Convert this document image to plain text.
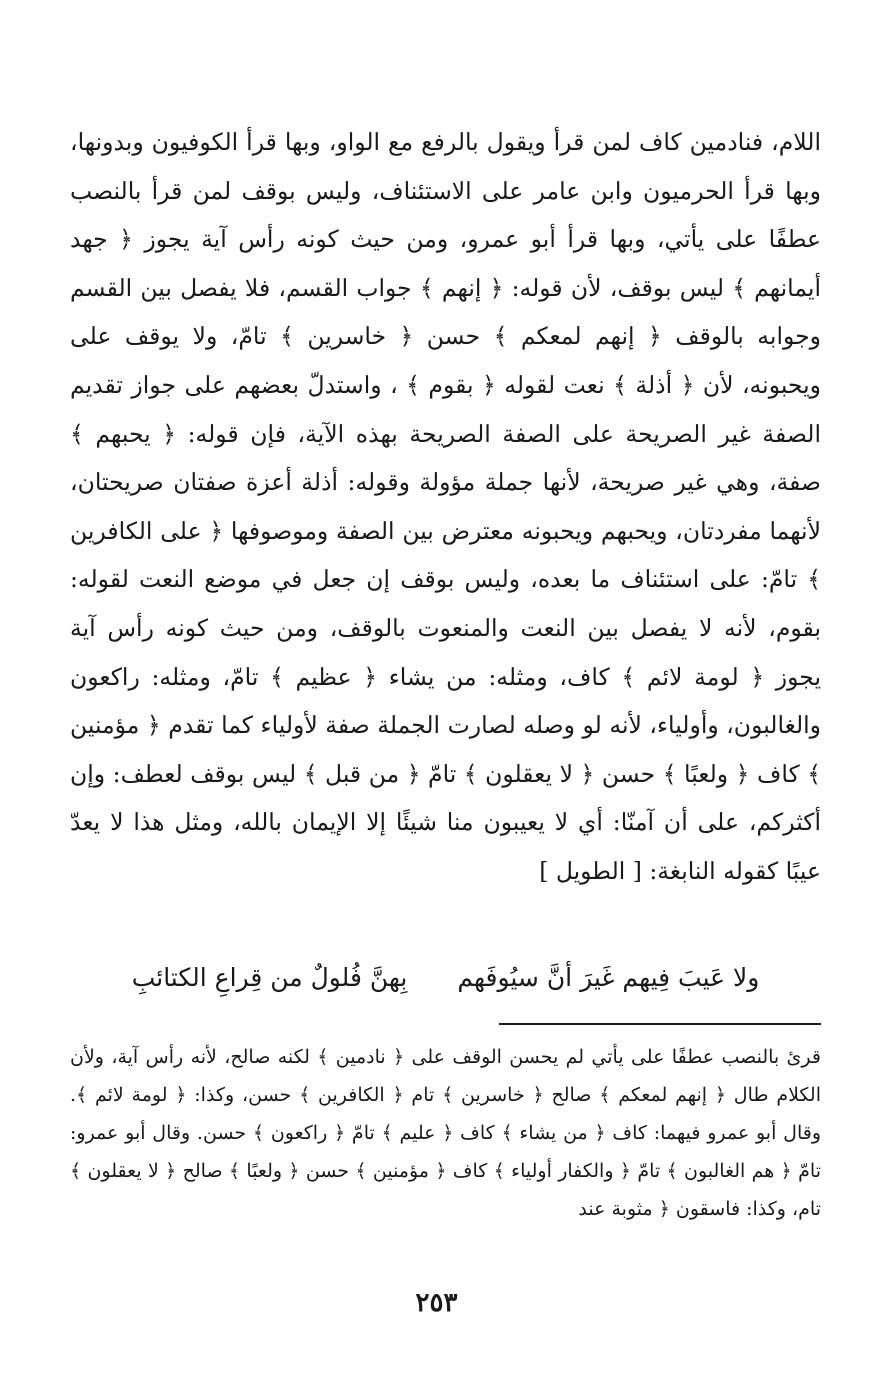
اللام، فنادمين كاف لمن قرأ ويقول بالرفع مع الواو، وبها قرأ الكوفيون وبدونها، وبها قرأ الحرميون وابن عامر على الاستئناف، وليس بوقف لمن قرأ بالنصب عطفًا على يأتي، وبها قرأ أبو عمرو، ومن حيث كونه رأس آية يجوز ﴿ جهد أيمانهم ﴾ ليس بوقف، لأن قوله: ﴿ إنهم ﴾ جواب القسم، فلا يفصل بين القسم وجوابه بالوقف ﴿ إنهم لمعكم ﴾ حسن ﴿ خاسرين ﴾ تامّ، ولا يوقف على ويحبونه، لأن ﴿ أذلة ﴾ نعت لقوله ﴿ بقوم ﴾ ، واستدلّ بعضهم على جواز تقديم الصفة غير الصريحة على الصفة الصريحة بهذه الآية، فإن قوله: ﴿ يحبهم ﴾ صفة، وهي غير صريحة، لأنها جملة مؤولة وقوله: أذلة أعزة صفتان صريحتان، لأنهما مفردتان، ويحبهم ويحبونه معترض بين الصفة وموصوفها ﴿ على الكافرين ﴾ تامّ: على استئناف ما بعده، وليس بوقف إن جعل في موضع النعت لقوله: بقوم، لأنه لا يفصل بين النعت والمنعوت بالوقف، ومن حيث كونه رأس آية يجوز ﴿ لومة لائم ﴾ كاف، ومثله: من يشاء ﴿ عظيم ﴾ تامّ، ومثله: راكعون والغالبون، وأولياء، لأنه لو وصله لصارت الجملة صفة لأولياء كما تقدم ﴿ مؤمنين ﴾ كاف ﴿ ولعبًا ﴾ حسن ﴿ لا يعقلون ﴾ تامّ ﴿ من قبل ﴾ ليس بوقف لعطف: وإن أكثركم، على أن آمنّا: أي لا يعيبون منا شيئًا إلا الإيمان بالله، ومثل هذا لا يعدّ عيبًا كقوله النابغة: [ الطويل ]

ولا عَيبَ فِيهم غَيرَ أنَّ سيُوفَهم
بِهنَّ فُلولٌ من قِراعِ الكتائبِ

قرئ بالنصب عطفًا على يأتي لم يحسن الوقف على ﴿ نادمين ﴾ لكنه صالح، لأنه رأس آية، ولأن الكلام طال ﴿ إنهم لمعكم ﴾ صالح ﴿ خاسرين ﴾ تام ﴿ الكافرين ﴾ حسن، وكذا: ﴿ لومة لائم ﴾. وقال أبو عمرو فيهما: كاف ﴿ من يشاء ﴾ كاف ﴿ عليم ﴾ تامّ ﴿ راكعون ﴾ حسن. وقال أبو عمرو: تامّ ﴿ هم الغالبون ﴾ تامّ ﴿ والكفار أولياء ﴾ كاف ﴿ مؤمنين ﴾ حسن ﴿ ولعبًا ﴾ صالح ﴿ لا يعقلون ﴾ تام، وكذا: فاسقون ﴿ مثوبة عند

٢٥٣
